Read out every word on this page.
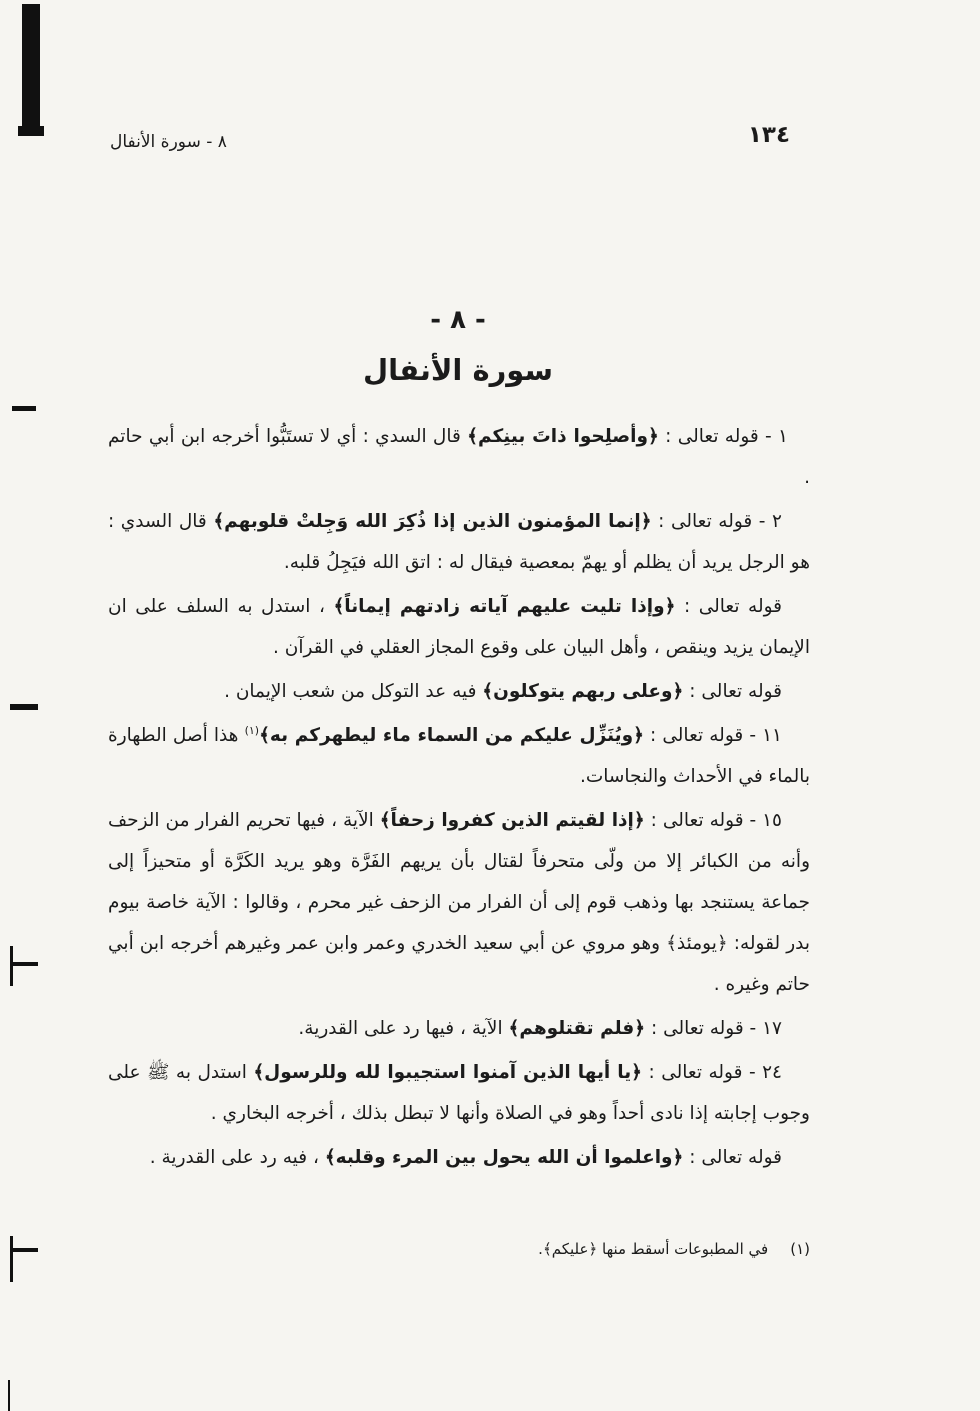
١٣٤
٨ - سورة الأنفال
- ٨ -
سورة الأنفال

١ - قوله تعالى : ﴿وأصلِحوا ذاتَ بينِكم﴾ قال السدي : أي لا تستَبُّوا أخرجه ابن أبي حاتم .

٢ - قوله تعالى : ﴿إنما المؤمنون الذين إذا ذُكِرَ الله وَجِلتْ قلوبهم﴾ قال السدي : هو الرجل يريد أن يظلم أو يهمّ بمعصية فيقال له : اتق الله فيَجِلُ قلبه.

قوله تعالى : ﴿وإذا تليت عليهم آياته زادتهم إيماناً﴾ ، استدل به السلف على ان الإيمان يزيد وينقص ، وأهل البيان على وقوع المجاز العقلي في القرآن .

قوله تعالى : ﴿وعلى ربهم يتوكلون﴾ فيه عد التوكل من شعب الإيمان .

١١ - قوله تعالى : ﴿ويُنَزِّل عليكم من السماء ماء ليطهركم به﴾$^{(١)}$ هذا أصل الطهارة بالماء في الأحداث والنجاسات.

١٥ - قوله تعالى : ﴿إذا لقيتم الذين كفروا زحفاً﴾ الآية ، فيها تحريم الفرار من الزحف وأنه من الكبائر إلا من ولّى متحرفاً لقتال بأن يريهم الفَرَّة وهو يريد الكَرَّة أو متحيزاً إلى جماعة يستنجد بها وذهب قوم إلى أن الفرار من الزحف غير محرم ، وقالوا : الآية خاصة بيوم بدر لقوله: ﴿يومئذ﴾ وهو مروي عن أبي سعيد الخدري وعمر وابن عمر وغيرهم أخرجه ابن أبي حاتم وغيره .

١٧ - قوله تعالى : ﴿فلم تقتلوهم﴾ الآية ، فيها رد على القدرية.

٢٤ - قوله تعالى : ﴿يا أيها الذين آمنوا استجيبوا لله وللرسول﴾ استدل به ﷺ على وجوب إجابته إذا نادى أحداً وهو في الصلاة وأنها لا تبطل بذلك ، أخرجه البخاري .

قوله تعالى : ﴿واعلموا أن الله يحول بين المرء وقلبه﴾ ، فيه رد على القدرية .

(١)في المطبوعات أسقط منها ﴿عليكم﴾.
